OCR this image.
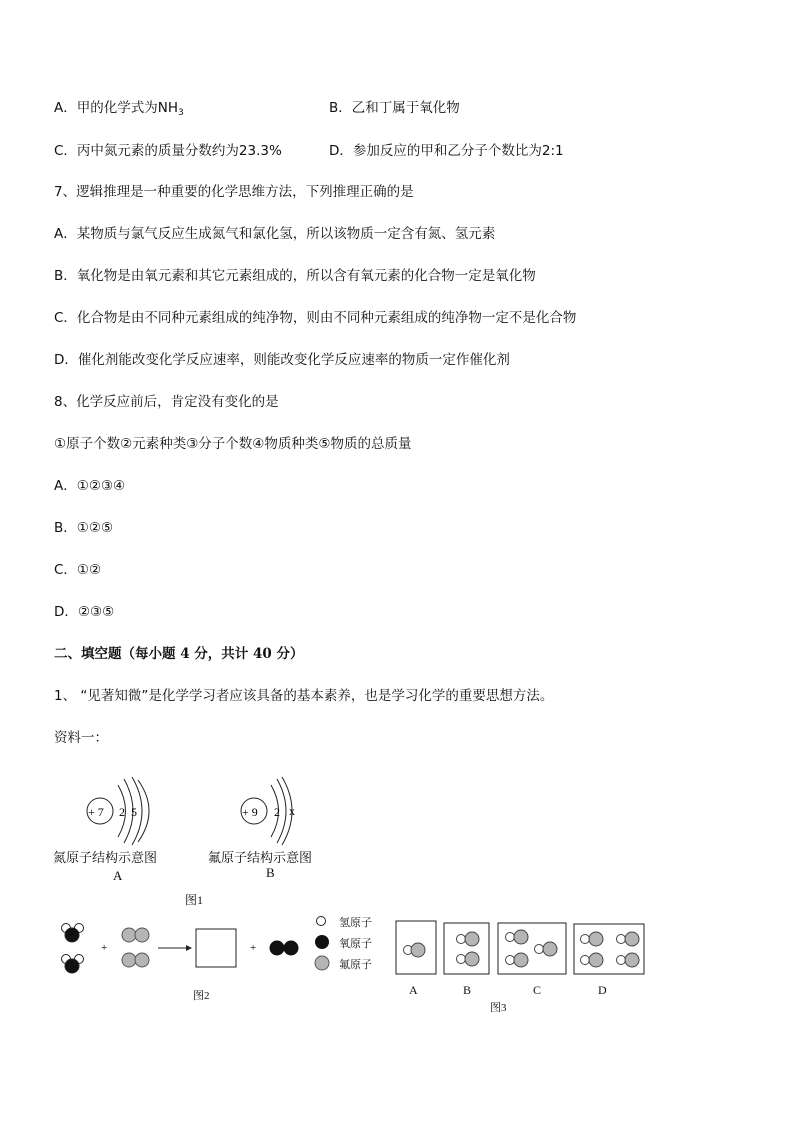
A．甲的化学式为$NH_3$	B．乙和丁属于氧化物
C．丙中氮元素的质量分数约为23.3%	D．参加反应的甲和乙分子个数比为2:1
7、逻辑推理是一种重要的化学思维方法，下列推理正确的是
A．某物质与氯气反应生成氮气和氯化氢，所以该物质一定含有氮、氢元素
B．氧化物是由氧元素和其它元素组成的，所以含有氧元素的化合物一定是氧化物
C．化合物是由不同种元素组成的纯净物，则由不同种元素组成的纯净物一定不是化合物
D．催化剂能改变化学反应速率，则能改变化学反应速率的物质一定作催化剂
8、化学反应前后，肯定没有变化的是
①原子个数②元素种类③分子个数④物质种类⑤物质的总质量
A．①②③④
B．①②⑤
C．①②
D．②③⑤
二、填空题（每小题 4 分，共计 40 分）
1、 “见著知微”是化学学习者应该具备的基本素养，也是学习化学的重要思想方法。
资料一：
+ 7 2 5	+ 9 2 x
+	+
氮原子结构示意图
A
氟原子结构示意图
B
图1
氢原子
氧原子
氟原子
图2	A	B	C	D
图3
